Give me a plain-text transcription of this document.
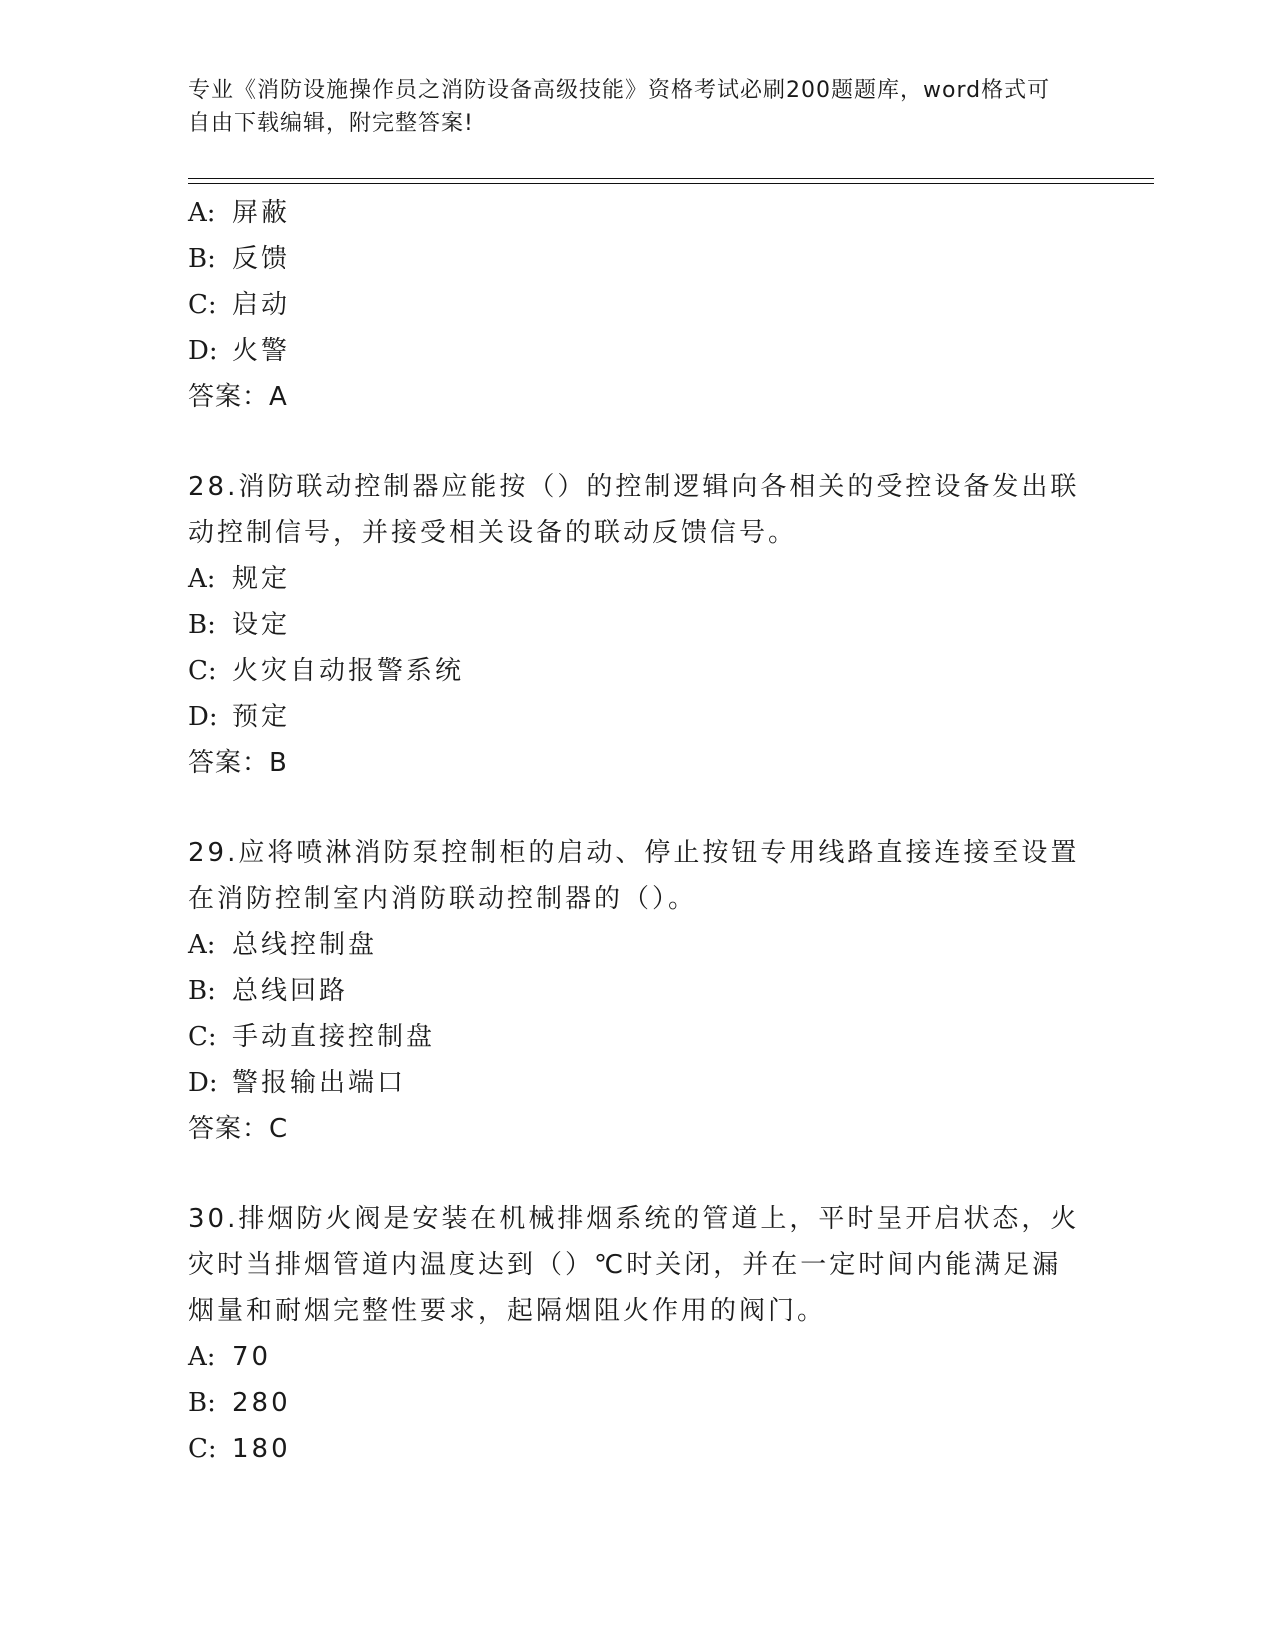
专业《消防设施操作员之消防设备高级技能》资格考试必刷200题题库，word格式可自由下载编辑，附完整答案!
A: 屏蔽
B: 反馈
C: 启动
D: 火警
答案：A

28.消防联动控制器应能按（）的控制逻辑向各相关的受控设备发出联动控制信号，并接受相关设备的联动反馈信号。

A: 规定
B: 设定
C: 火灾自动报警系统
D: 预定
答案：B

29.应将喷淋消防泵控制柜的启动、停止按钮专用线路直接连接至设置在消防控制室内消防联动控制器的（）。

A: 总线控制盘
B: 总线回路
C: 手动直接控制盘
D: 警报输出端口
答案：C

30.排烟防火阀是安装在机械排烟系统的管道上，平时呈开启状态，火灾时当排烟管道内温度达到（）℃时关闭，并在一定时间内能满足漏烟量和耐烟完整性要求，起隔烟阻火作用的阀门。

A: 70
B: 280
C: 180
